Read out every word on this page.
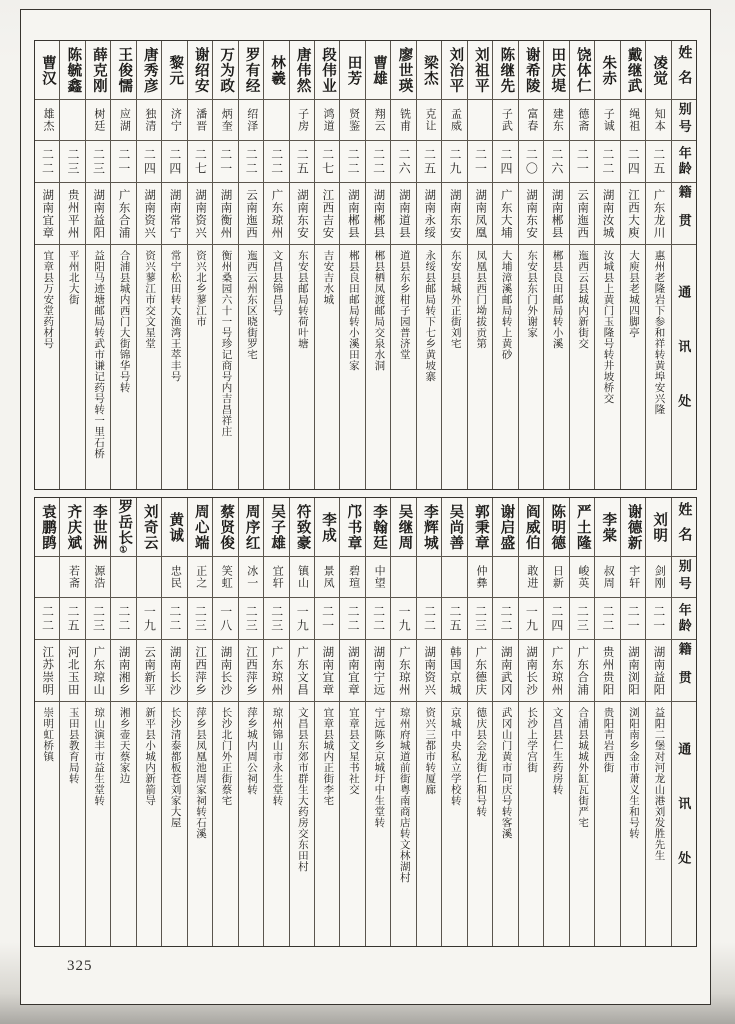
姓名
别号
年龄
籍贯
通讯处
凌觉
知本
二五
广东龙川
惠州老隆岩下参和祥转黄埠安兴隆
戴继武
绳祖
二四
江西大庾
大庾县老城四脚亭
朱赤
子诚
二二
湖南汝城
汝城县上黄门玉隆号转井坡桥交
饶体仁
德斋
二一
云南迤西
迤西云县城内新街交
田庆堤
建东
二六
湖南郴县
郴县良田邮局转小溪
谢希陵
富春
二〇
湖南东安
东安县东门外谢家
陈继先
子武
二四
广东大埔
大埔漳溪邮局转上黄砂
刘祖平
二一
湖南凤凰
凤凰县西门坳拔贡第
刘治平
孟威
二九
湖南东安
东安县城外正街刘宅
梁杰
克让
二五
湖南永绥
永绥县邮局转下七乡黄坡寨
廖世瑛
铣甫
二六
湖南道县
道县东乡柑子园普济堂
曹雄
翔云
二二
湖南郴县
郴县栖凤渡邮局交泉水洞
田芳
贤鉴
二二
湖南郴县
郴县良田邮局转小溪田家
段伟业
鸿道
二七
江西吉安
吉安吉水城
唐伟然
子房
二五
湖南东安
东安县邮局转荷叶塘
林羲
二二
广东琼州
文昌县锦昌号
罗有经
绍泽
二二
云南迤西
迤西云州东区晓街罗宅
万为政
炳奎
二一
湖南衡州
衡州桑园六十一号珍记商号内吉昌祥庄
谢绍安
潘晋
二七
湖南资兴
资兴北乡蓼江市
黎元
济宁
二四
湖南常宁
常宁松田转大渔湾王萃丰号
唐秀彦
独清
二四
湖南资兴
资兴蓼江市交文星堂
王俊懦
应湖
二一
广东合浦
合浦县城内西门大街锦华号转
薛克刚
树廷
二三
湖南益阳
益阳马迹塘邮局转武市谦记药号转一里石桥
陈毓鑫
二三
贵州平州
平州北大街
曹汉
雄杰
二二
湖南宜章
宜章县万安堂药材号
姓名
别号
年龄
籍贯
通讯处
刘明
剑刚
二一
湖南益阳
益阳二堡对河龙山港刘发胜先生
谢德新
宇轩
二一
湖南浏阳
浏阳南乡金市萧义生和号转
李棠
叔周
二二
贵州贵阳
贵阳青岩西街
严土隆
峻英
二三
广东合浦
合浦县城城外缸瓦街严宅
陈明德
日新
二四
广东琼州
文昌县仁生药房转
阎威伯
敢进
一九
湖南长沙
长沙上学宫街
谢启盛
二二
湖南武冈
武冈山门黄市同庆号转客溪
郭秉章
仲彝
二三
广东德庆
德庆县会龙街仁和号转
吴尚善
二五
韩国京城
京城中央私立学校转
李辉城
二二
湖南资兴
资兴三都市转厦廊
吴继周
一九
广东琼州
琼州府城道前街粤南商店转文林湖村
李翰廷
中望
二二
湖南宁远
宁远陈乡京城圩中生堂转
邝书章
碧瑄
二二
湖南宜章
宜章县文星书社交
李成
景凤
二一
湖南宜章
宜章县城内正街李宅
符致豪
镇山
一九
广东文昌
文昌县东郊市群生大药房交东田村
吴子雄
宜轩
二三
广东琼州
琼州锦山市永生堂转
周序红
冰一
二三
江西萍乡
萍乡城内周公祠转
蔡贤俊
笑虹
一八
湖南长沙
长沙北门外正街蔡宅
周心端
正之
二三
江西萍乡
萍乡县凤凰池周家祠转石溪
黄诚
忠民
二二
湖南长沙
长沙清泰都板苍刘家大屋
刘奇云
一九
云南新平
新平县小城内新箭导
罗岳长①
二二
湖南湘乡
湘乡壶天蔡家边
李世洲
源浩
二三
广东琼山
琼山演丰市益生堂转
齐庆斌
若斋
二五
河北玉田
玉田县教育局转
袁鹏鹍
二二
江苏崇明
崇明虹桥镇
325
